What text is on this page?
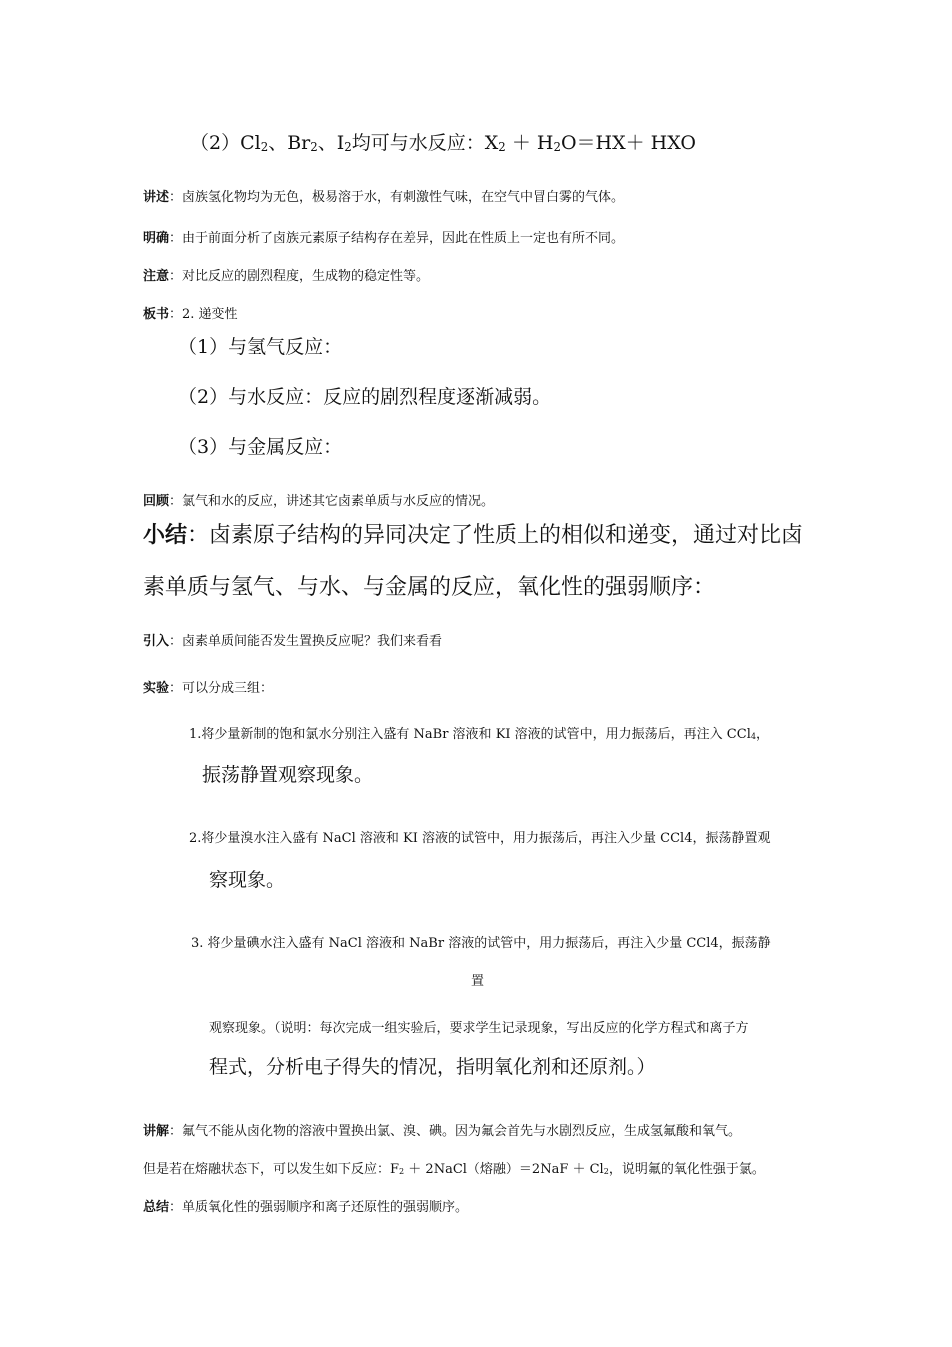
$(2)Cl_2$、$Br_2$、$I_2$均可与水反应：$X_2 + H_2O=HX+$ HXO
讲述：卤族氢化物均为无色，极易溶于水，有刺激性气味，在空气中冒白雾的气体。
明确：由于前面分析了卤族元素原子结构存在差异，因此在性质上一定也有所不同。
注意：对比反应的剧烈程度，生成物的稳定性等。
板书：2. 递变性
（1）与氢气反应：
（2）与水反应：反应的剧烈程度逐渐减弱。
（3）与金属反应：
回顾：氯气和水的反应，讲述其它卤素单质与水反应的情况。
小结：卤素原子结构的异同决定了性质上的相似和递变，通过对比卤
素单质与氢气、与水、与金属的反应，氧化性的强弱顺序：
引入：卤素单质间能否发生置换反应呢？我们来看看
实验：可以分成三组：
1.将少量新制的饱和氯水分别注入盛有 NaBr 溶液和 KI 溶液的试管中，用力振荡后，再注入 CCl$_4$，
振荡静置观察现象。
2.将少量溴水注入盛有 NaCl 溶液和 KI 溶液的试管中，用力振荡后，再注入少量 CCl4，振荡静置观
察现象。
3. 将少量碘水注入盛有 NaCl 溶液和 NaBr 溶液的试管中，用力振荡后，再注入少量 CCl4，振荡静
置
观察现象。（说明：每次完成一组实验后，要求学生记录现象，写出反应的化学方程式和离子方
程式，分析电子得失的情况，指明氧化剂和还原剂。）
讲解：氟气不能从卤化物的溶液中置换出氯、溴、碘。因为氟会首先与水剧烈反应，生成氢氟酸和氧气。
但是若在熔融状态下，可以发生如下反应：$F_2$ ＋ 2NaCl（熔融）$=2NaF + Cl_2$，说明氟的氧化性强于氯。
总结：单质氧化性的强弱顺序和离子还原性的强弱顺序。
